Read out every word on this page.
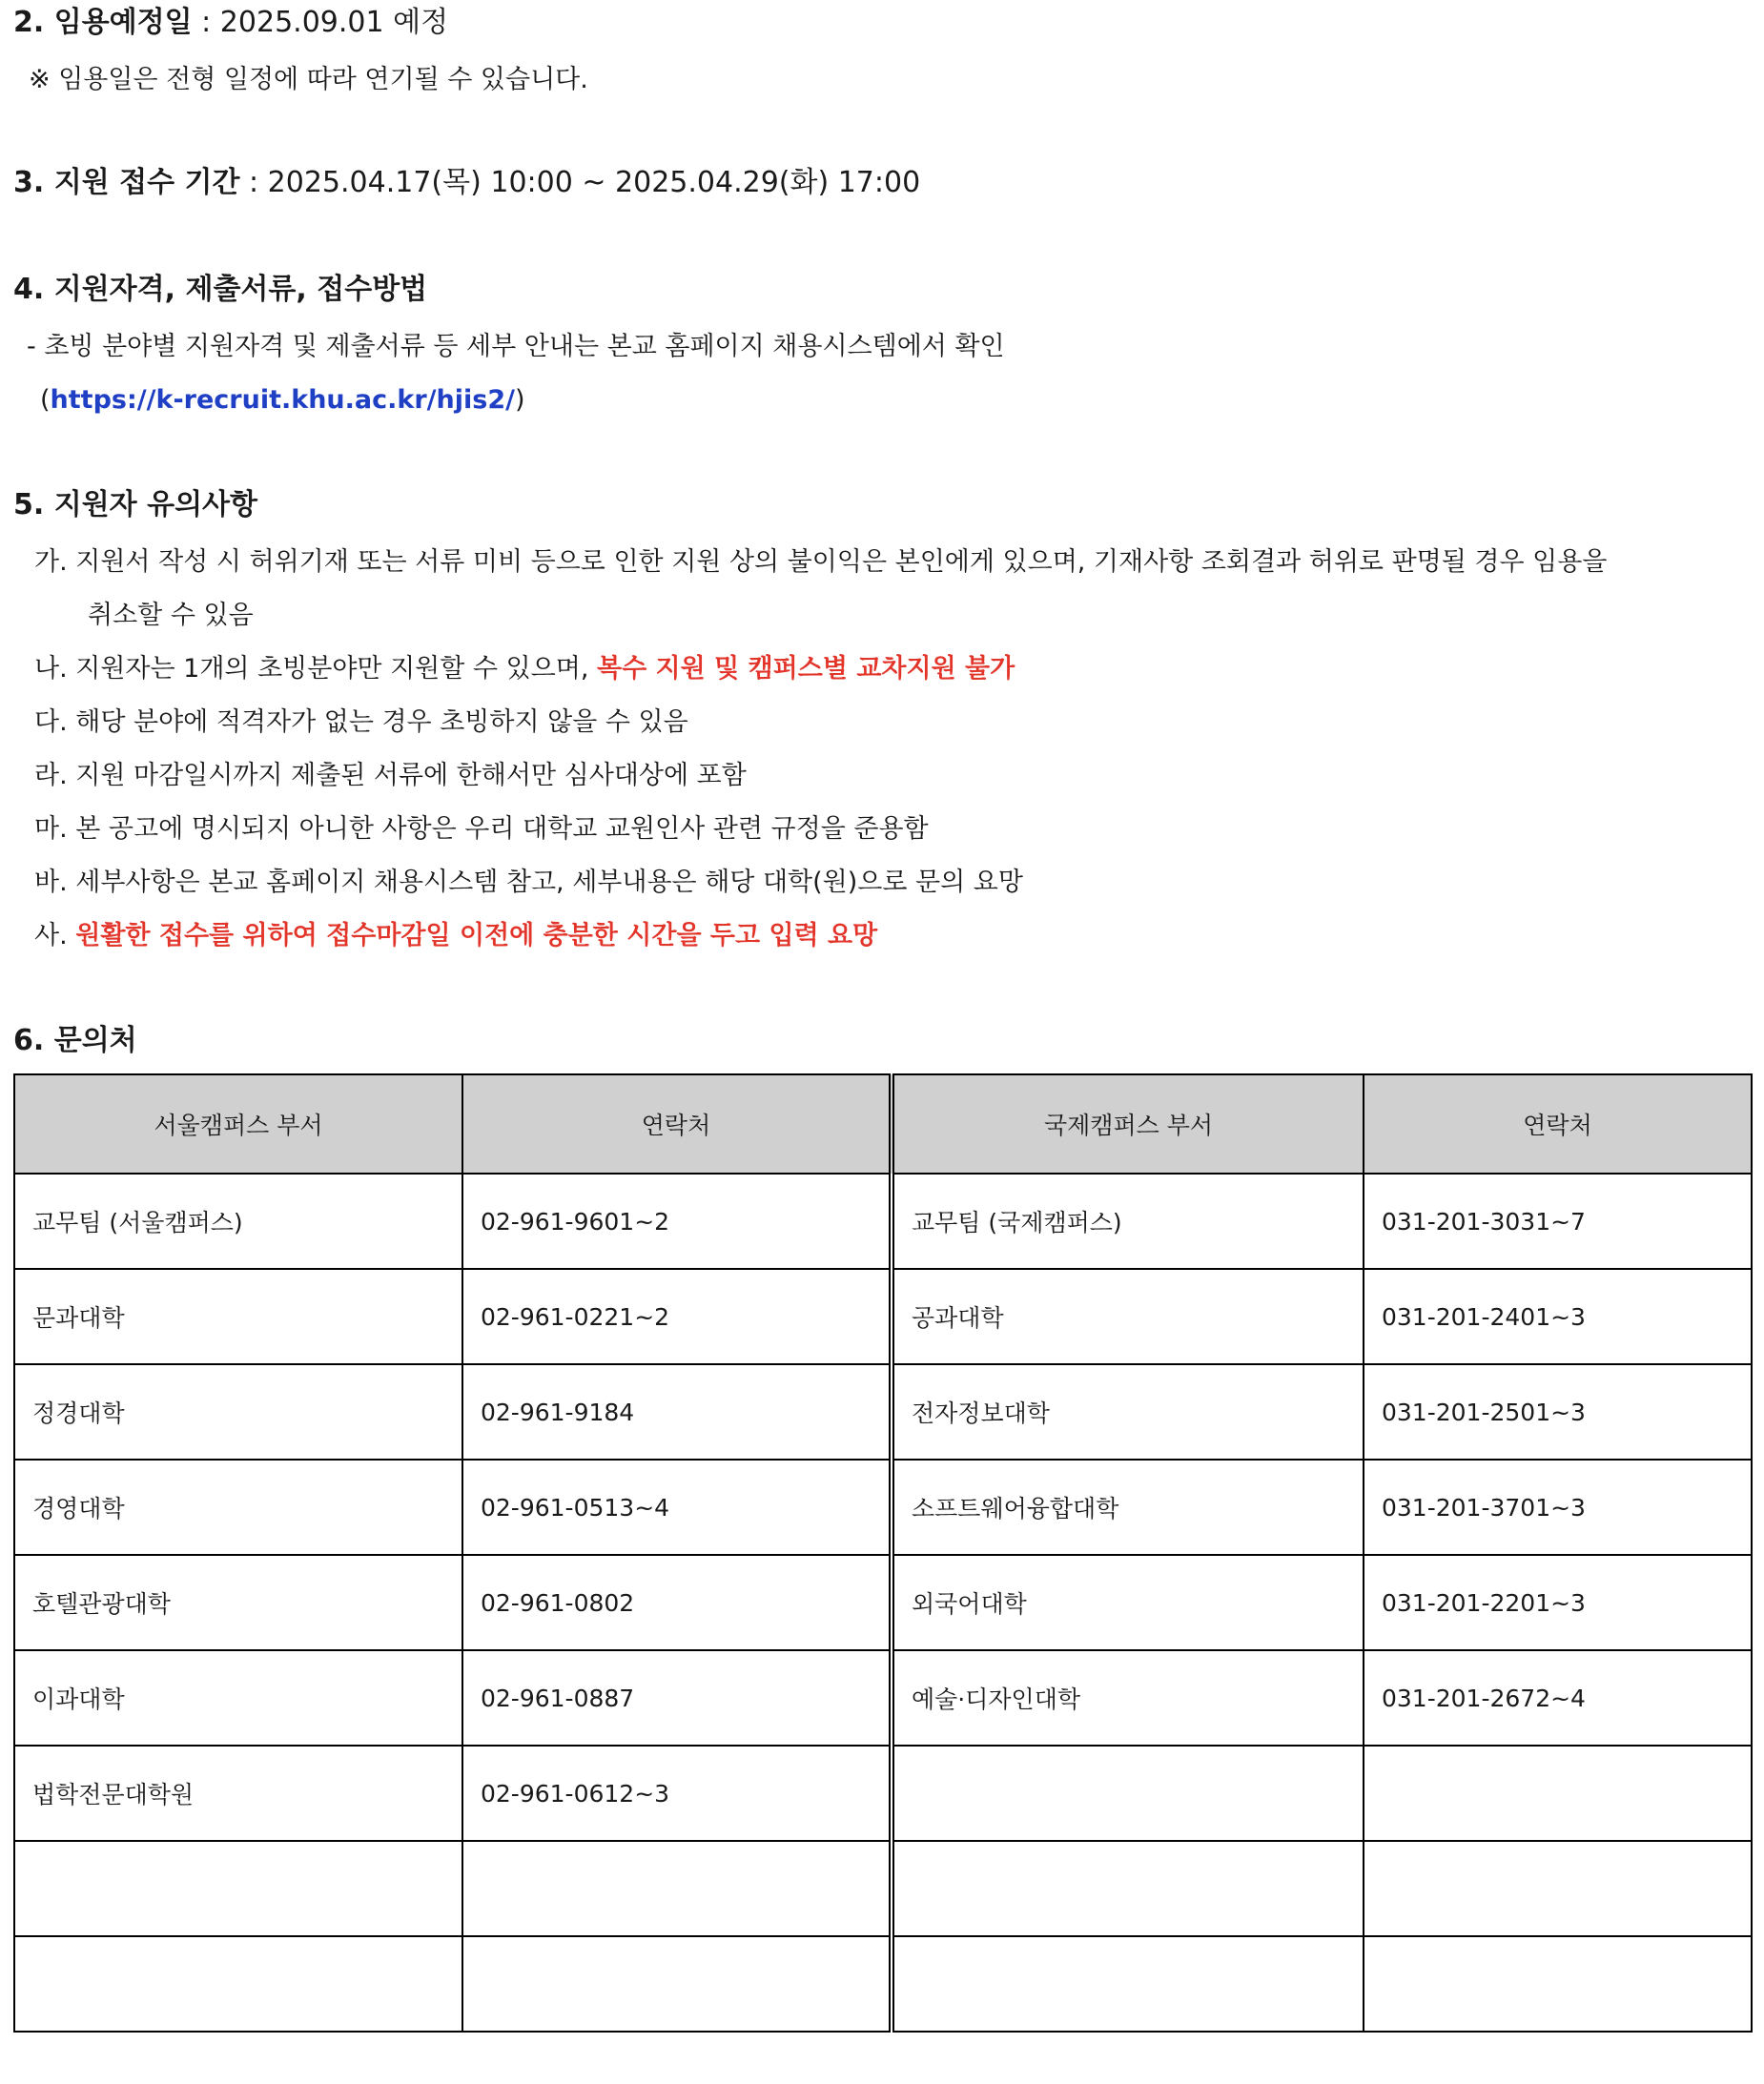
2. 임용예정일 : 2025.09.01 예정
※ 임용일은 전형 일정에 따라 연기될 수 있습니다.
3. 지원 접수 기간 : 2025.04.17(목) 10:00 ~ 2025.04.29(화) 17:00
4. 지원자격, 제출서류, 접수방법
- 초빙 분야별 지원자격 및 제출서류 등 세부 안내는 본교 홈페이지 채용시스템에서 확인
(https://k-recruit.khu.ac.kr/hjis2/)
5. 지원자 유의사항
가. 지원서 작성 시 허위기재 또는 서류 미비 등으로 인한 지원 상의 불이익은 본인에게 있으며, 기재사항 조회결과 허위로 판명될 경우 임용을
취소할 수 있음
나. 지원자는 1개의 초빙분야만 지원할 수 있으며, 복수 지원 및 캠퍼스별 교차지원 불가
다. 해당 분야에 적격자가 없는 경우 초빙하지 않을 수 있음
라. 지원 마감일시까지 제출된 서류에 한해서만 심사대상에 포함
마. 본 공고에 명시되지 아니한 사항은 우리 대학교 교원인사 관련 규정을 준용함
바. 세부사항은 본교 홈페이지 채용시스템 참고, 세부내용은 해당 대학(원)으로 문의 요망
사. 원활한 접수를 위하여 접수마감일 이전에 충분한 시간을 두고 입력 요망
6. 문의처
서울캠퍼스 부서	연락처	국제캠퍼스 부서	연락처
교무팀 (서울캠퍼스)	02-961-9601~2	교무팀 (국제캠퍼스)	031-201-3031~7
문과대학	02-961-0221~2	공과대학	031-201-2401~3
정경대학	02-961-9184	전자정보대학	031-201-2501~3
경영대학	02-961-0513~4	소프트웨어융합대학	031-201-3701~3
호텔관광대학	02-961-0802	외국어대학	031-201-2201~3
이과대학	02-961-0887	예술·디자인대학	031-201-2672~4
법학전문대학원	02-961-0612~3		
